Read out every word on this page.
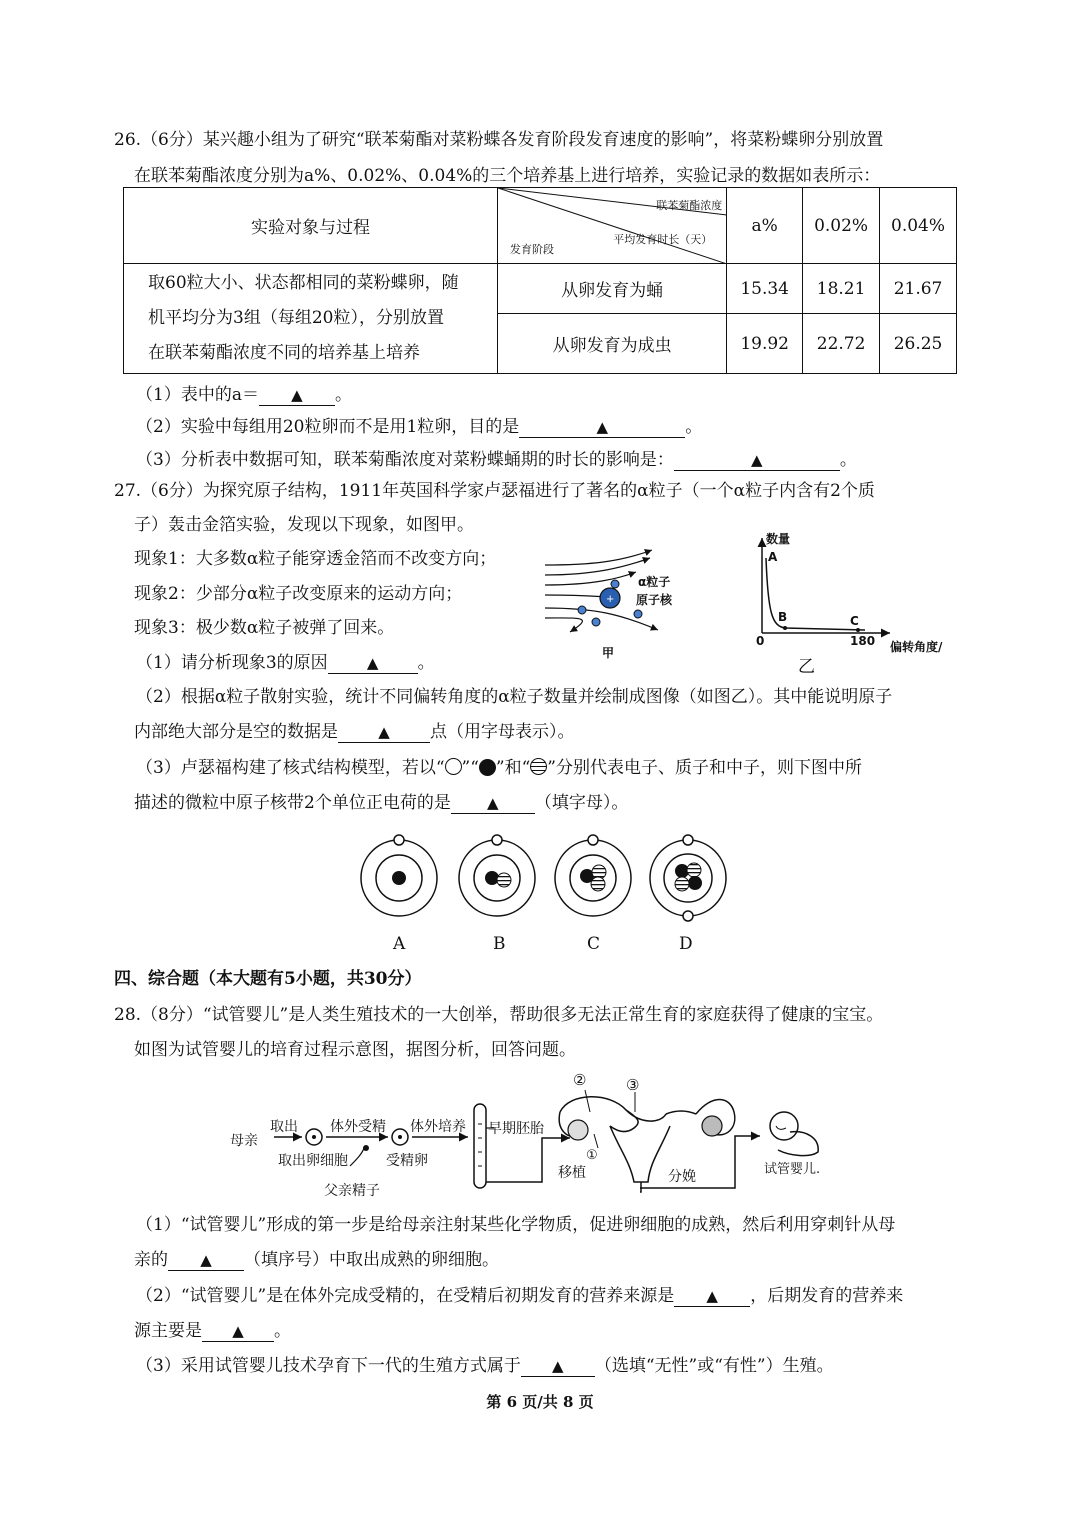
26.（6分）某兴趣小组为了研究“联苯菊酯对菜粉蝶各发育阶段发育速度的影响”，将菜粉蝶卵分别放置
在联苯菊酯浓度分别为a%、0.02%、0.04%的三个培养基上进行培养，实验记录的数据如表所示：
实验对象与过程	联苯菊酯浓度
平均发育时长（天）
发育阶段	a%	0.02%	0.04%

取60粒大小、状态都相同的菜粉蝶卵，随
机平均分为3组（每组20粒），分别放置
在联苯菊酯浓度不同的培养基上培养	从卵发育为蛹	15.34	18.21	21.67
	从卵发育为成虫	19.92	22.72	26.25
（1）表中的a＝ ▲ 。
（2）实验中每组用20粒卵而不是用1粒卵，目的是	▲	。
（3）分析表中数据可知，联苯菊酯浓度对菜粉蝶蛹期的时长的影响是：	▲	。
27.（6分）为探究原子结构，1911年英国科学家卢瑟福进行了著名的α粒子（一个α粒子内含有2个质
子）轰击金箔实验，发现以下现象，如图甲。
现象1：大多数α粒子能穿透金箔而不改变方向；
现象2：少部分α粒子改变原来的运动方向；
现象3：极少数α粒子被弹了回来。
（1）请分析现象3的原因	▲ 。
+
α粒子
原子核
甲
数量
A
B	C
0	180 偏转角度/
乙
（2）根据α粒子散射实验，统计不同偏转角度的α粒子数量并绘制成图像（如图乙）。其中能说明原子
内部绝大部分是空的数据是	▲ 点（用字母表示）。
（3）卢瑟福构建了核式结构模型，若以“ ”“ ”和“ ”分别代表电子、质子和中子，则下图中所
描述的微粒中原子核带2个单位正电荷的是 ▲ （填字母）。
A	B	C	D
四、综合题（本大题有5小题，共30分）
28.（8分）“试管婴儿”是人类生殖技术的一大创举，帮助很多无法正常生育的家庭获得了健康的宝宝。
如图为试管婴儿的培育过程示意图，据图分析，回答问题。
母亲
取出
取出卵细胞
体外受精
父亲精子
受精卵
体外培养 早期胚胎
移植	分娩	试管婴儿.
②	③
①
（1）“试管婴儿”形成的第一步是给母亲注射某些化学物质，促进卵细胞的成熟，然后利用穿刺针从母
亲的 ▲ （填序号）中取出成熟的卵细胞。
（2）“试管婴儿”是在体外完成受精的，在受精后初期发育的营养来源是 ▲ ，后期发育的营养来
源主要是 ▲ 。
（3）采用试管婴儿技术孕育下一代的生殖方式属于 ▲ （选填“无性”或“有性”）生殖。
第 6 页/共 8 页
